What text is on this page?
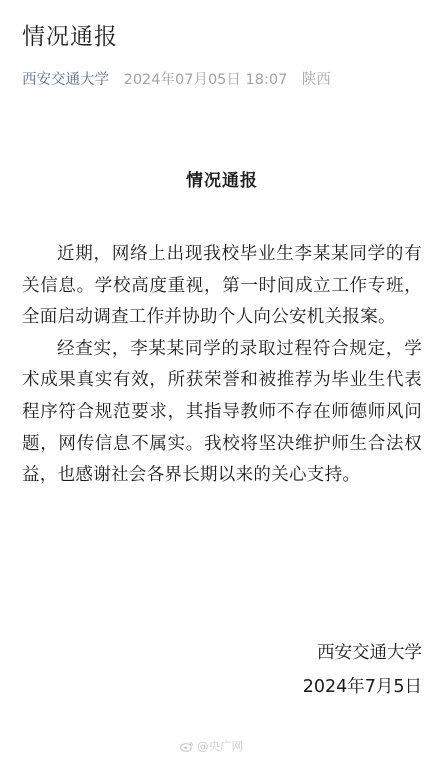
情况通报
西安交通大学 2024年07月05日 18:07 陕西
情况通报

近期，网络上出现我校毕业生李某某同学的有关信息。学校高度重视，第一时间成立工作专班，全面启动调查工作并协助个人向公安机关报案。

经查实，李某某同学的录取过程符合规定，学术成果真实有效，所获荣誉和被推荐为毕业生代表程序符合规范要求，其指导教师不存在师德师风问题，网传信息不属实。我校将坚决维护师生合法权益，也感谢社会各界长期以来的关心支持。

西安交通大学
2024年7月5日
@央广网
